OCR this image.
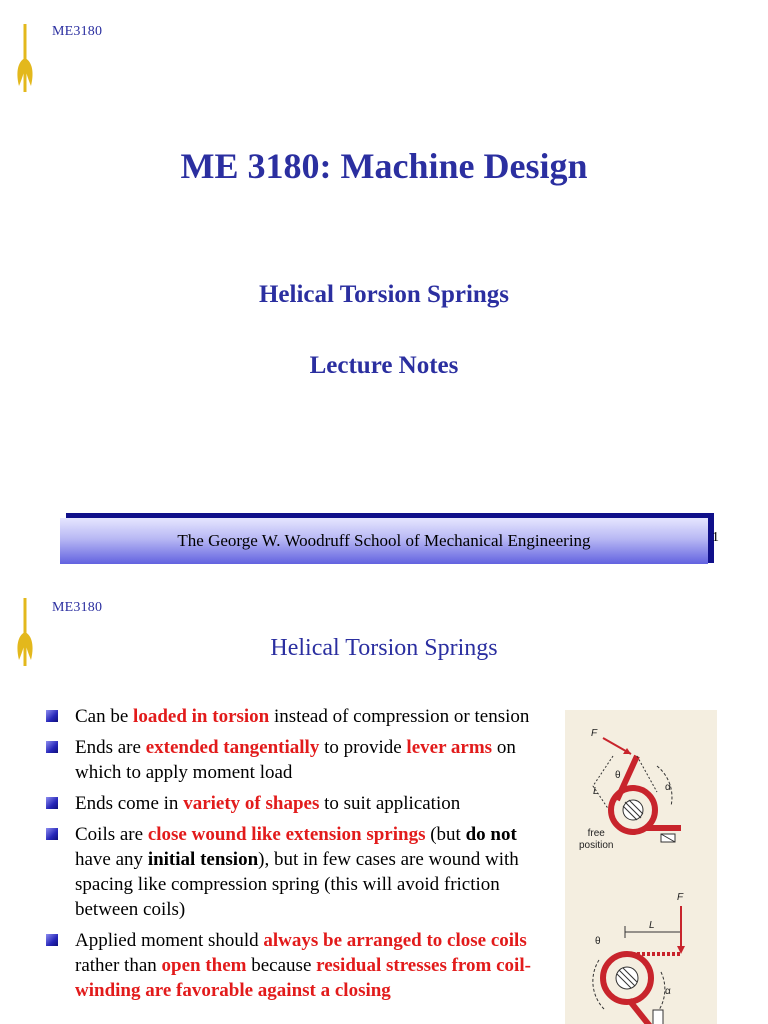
ME3180
ME 3180: Machine Design
Helical Torsion Springs
Lecture Notes
The George W. Woodruff School of Mechanical Engineering	1
ME3180
Helical Torsion Springs
Can be loaded in torsion instead of compression or tension
Ends are extended tangentially to provide lever arms on which to apply moment load
Ends come in variety of shapes to suit application
Coils are close wound like extension springs (but do not have any initial tension), but in few cases are wound with spacing like compression spring (this will avoid friction between coils)
Applied moment should always be arranged to close coils rather than open them because residual stresses from coil-winding are favorable against a closing
F
θ
α
L
free
position
F
L
θ
α
